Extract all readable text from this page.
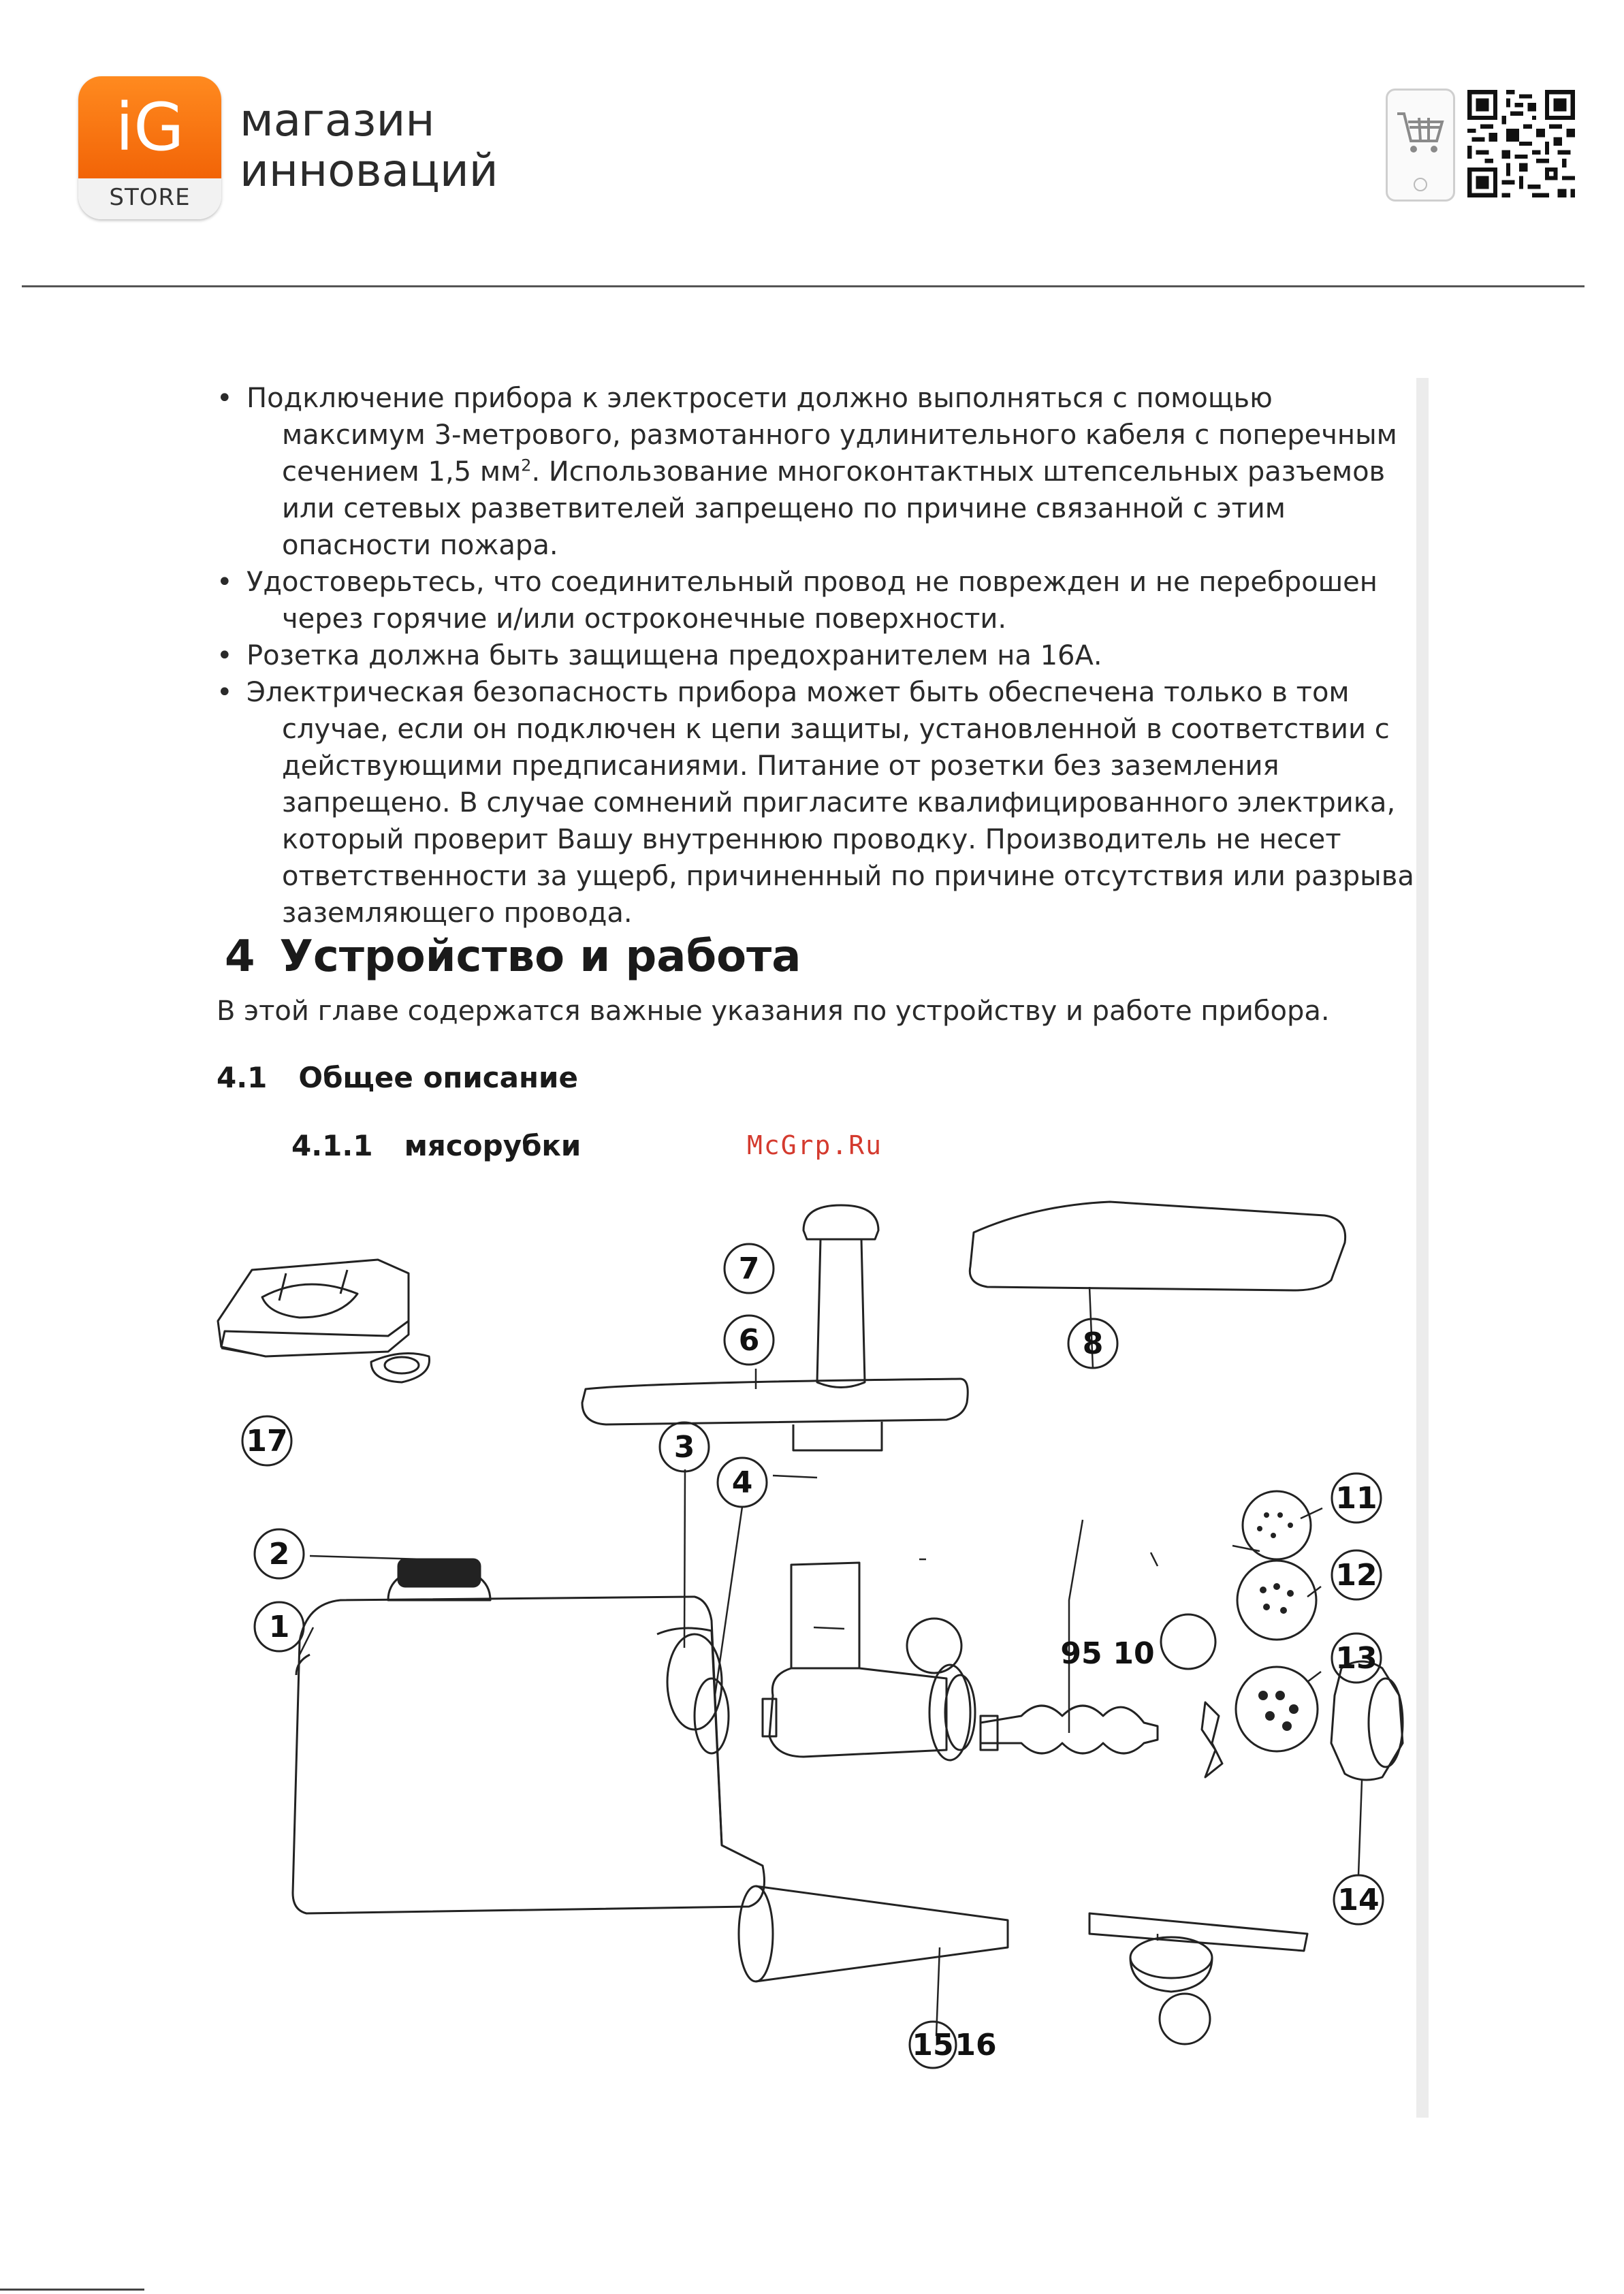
iG
STORE
магазин
инноваций
• Подключение прибора к электросети должно выполняться с помощью максимум 3-метрового, размотанного удлинительного кабеля с поперечным сечением 1,5 $мм^2$. Использование многоконтактных штепсельных разъемов или сетевых разветвителей запрещено по причине связанной с этим опасности пожара.
• Удостоверьтесь, что соединительный провод не поврежден и не переброшен через горячие и/или остроконечные поверхности.
• Розетка должна быть защищена предохранителем на 16А.
• Электрическая безопасность прибора может быть обеспечена только в том случае, если он подключен к цепи защиты, установленной в соответствии с действующими предписаниями. Питание от розетки без заземления запрещено. В случае сомнений пригласите квалифицированного электрика, который проверит Вашу внутреннюю проводку. Производитель не несет ответственности за ущерб, причиненный по причине отсутствия или разрыва заземляющего провода.
4 Устройство и работа
В этой главе содержатся важные указания по устройству и работе прибора.
4.1 Общее описание
4.1.1 мясорубки	McGrp.Ru
2
1
3
4
7
6	8
11
12
13
14
17
15 16
95 10
